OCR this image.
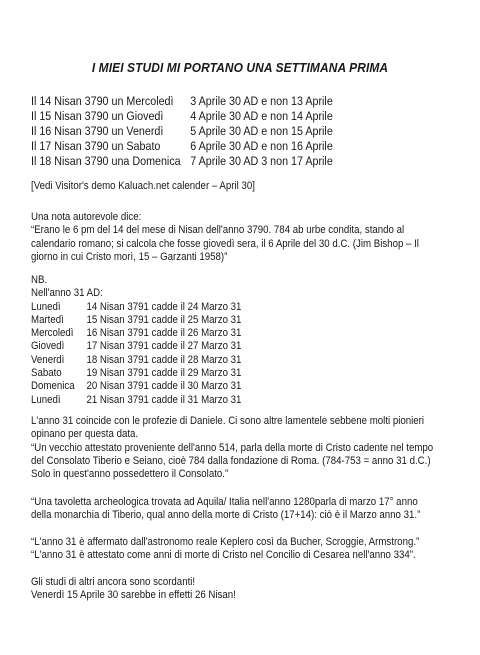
I MIEI STUDI MI PORTANO UNA SETTIMANA PRIMA
Il 14 Nisan 3790 un Mercoledì 3 Aprile 30 AD e non 13 Aprile
Il 15 Nisan 3790 un Giovedì 4 Aprile 30 AD e non 14 Aprile
Il 16 Nisan 3790 un Venerdì 5 Aprile 30 AD e non 15 Aprile
Il 17 Nisan 3790 un Sabato 6 Aprile 30 AD e non 16 Aprile
Il 18 Nisan 3790 una Domenica 7 Aprile 30 AD 3 non 17 Aprile
[Vedi Visitor's demo Kaluach.net calender – April 30]
Una nota autorevole dice:
“Erano le 6 pm del 14 del mese di Nisan dell'anno 3790. 784 ab urbe condita, stando al
calendario romano; si calcola che fosse giovedì sera, il 6 Aprile del 30 d.C. (Jim Bishop – Il
giorno in cui Cristo morì, 15 – Garzanti 1958)”
NB.
Nell'anno 31 AD:
Lunedì 14 Nisan 3791 cadde il 24 Marzo 31
Martedì 15 Nisan 3791 cadde il 25 Marzo 31
Mercoledì 16 Nisan 3791 cadde il 26 Marzo 31
Giovedì 17 Nisan 3791 cadde il 27 Marzo 31
Venerdì 18 Nisan 3791 cadde il 28 Marzo 31
Sabato 19 Nisan 3791 cadde il 29 Marzo 31
Domenica 20 Nisan 3791 cadde il 30 Marzo 31
Lunedì 21 Nisan 3791 cadde il 31 Marzo 31
L'anno 31 coincide con le profezie di Daniele. Ci sono altre lamentele sebbene molti pionieri
opinano per questa data.
“Un vecchio attestato proveniente dell'anno 514, parla della morte di Cristo cadente nel tempo
del Consolato Tiberio e Seiano, cioè 784 dalla fondazione di Roma. (784-753 = anno 31 d.C.)
Solo in quest'anno possedettero il Consolato.”
“Una tavoletta archeologica trovata ad Aquila/ Italia nell'anno 1280parla di marzo 17° anno
della monarchia di Tiberio, qual anno della morte di Cristo (17+14): ciò è il Marzo anno 31.”
“L'anno 31 è affermato dall'astronomo reale Keplero così da Bucher, Scroggie, Armstrong.”
“L'anno 31 è attestato come anni di morte di Cristo nel Concilio di Cesarea nell'anno 334”.
Gli studi di altri ancora sono scordanti!
Venerdì 15 Aprile 30 sarebbe in effetti 26 Nisan!
